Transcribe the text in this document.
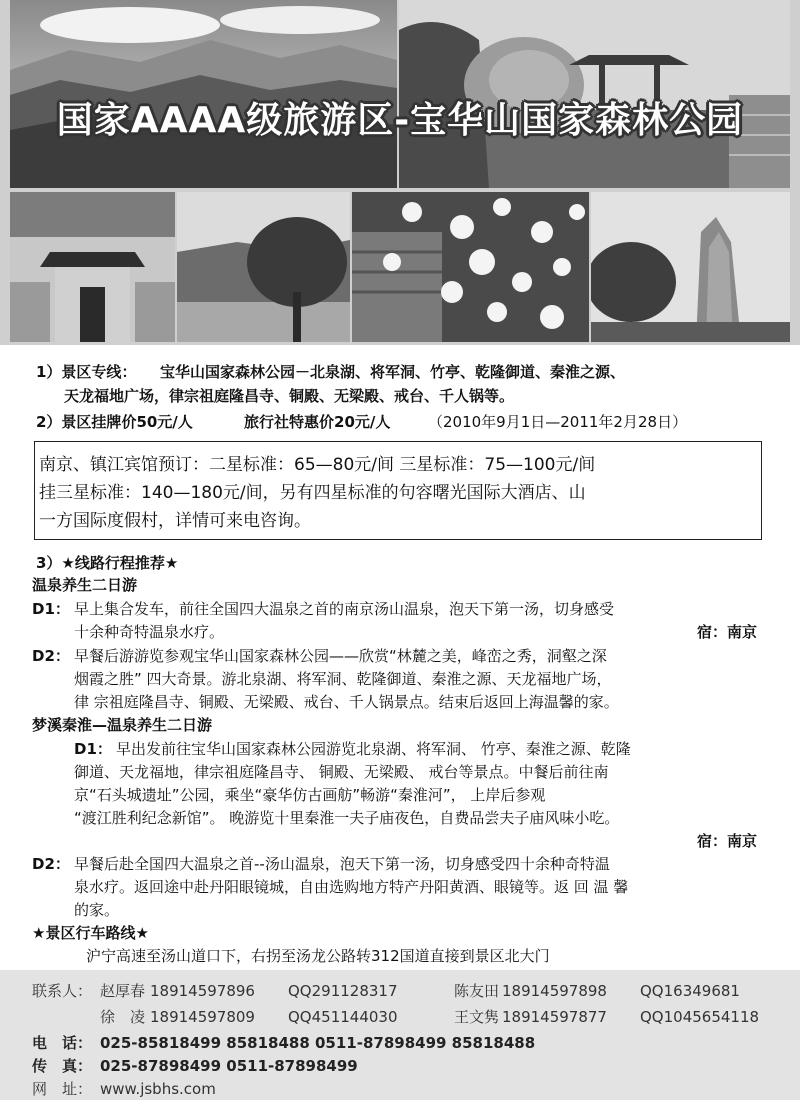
国家AAAA级旅游区-宝华山国家森林公园
1）景区专线： 宝华山国家森林公园－北泉湖、将军洞、竹亭、乾隆御道、秦淮之源、
天龙福地广场，律宗祖庭隆昌寺、铜殿、无梁殿、戒台、千人锅等。
2）景区挂牌价50元/人	旅行社特惠价20元/人	（2010年9月1日—2011年2月28日）
南京、镇江宾馆预订：二星标准：65—80元/间 三星标准：75—100元/间
挂三星标准：140—180元/间，另有四星标准的句容曙光国际大酒店、山
一方国际度假村，详情可来电咨询。
3）★线路行程推荐★
温泉养生二日游
D1： 早上集合发车，前往全国四大温泉之首的南京汤山温泉，泡天下第一汤，切身感受
十余种奇特温泉水疗。	宿：南京
D2： 早餐后游游览参观宝华山国家森林公园——欣赏“林麓之美，峰峦之秀，洞壑之深
烟霞之胜” 四大奇景。游北泉湖、将军洞、乾隆御道、秦淮之源、天龙福地广场，
律 宗祖庭隆昌寺、铜殿、无梁殿、戒台、千人锅景点。结束后返回上海温馨的家。
梦溪秦淮—温泉养生二日游
D1： 早出发前往宝华山国家森林公园游览北泉湖、将军洞、 竹亭、秦淮之源、乾隆
御道、天龙福地，律宗祖庭隆昌寺、 铜殿、无梁殿、 戒台等景点。中餐后前往南
京“石头城遗址”公园，乘坐“豪华仿古画舫”畅游“秦淮河”， 上岸后参观
“渡江胜利纪念新馆”。 晚游览十里秦淮一夫子庙夜色，自费品尝夫子庙风味小吃。
宿：南京
D2： 早餐后赴全国四大温泉之首--汤山温泉，泡天下第一汤，切身感受四十余种奇特温
泉水疗。返回途中赴丹阳眼镜城，自由选购地方特产丹阳黄酒、眼镜等。返 回 温 馨
的家。
★景区行车路线★
沪宁高速至汤山道口下，右拐至汤龙公路转312国道直接到景区北大门
联系人： 赵厚春 18914597896 QQ291128317	陈友田 18914597898 QQ16349681
徐　凌 18914597809 QQ451144030	王文隽 18914597877 QQ1045654118
电　话： 025-85818499 85818488 0511-87898499 85818488
传　真： 025-87898499 0511-87898499
网　址： www.jsbhs.com
